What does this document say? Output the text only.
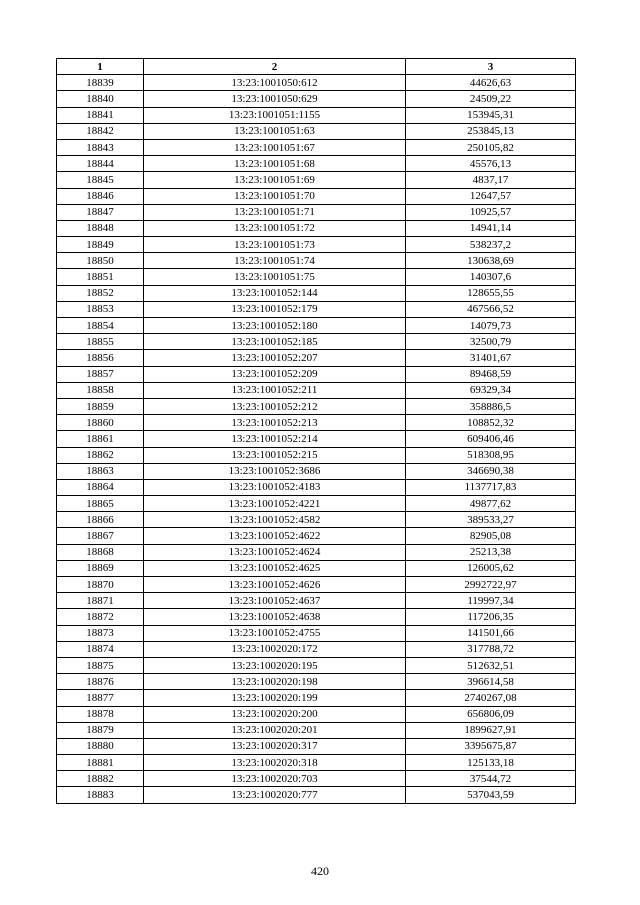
1	2	3
18839	13:23:1001050:612	44626,63
18840	13:23:1001050:629	24509,22
18841	13:23:1001051:1155	153945,31
18842	13:23:1001051:63	253845,13
18843	13:23:1001051:67	250105,82
18844	13:23:1001051:68	45576,13
18845	13:23:1001051:69	4837,17
18846	13:23:1001051:70	12647,57
18847	13:23:1001051:71	10925,57
18848	13:23:1001051:72	14941,14
18849	13:23:1001051:73	538237,2
18850	13:23:1001051:74	130638,69
18851	13:23:1001051:75	140307,6
18852	13:23:1001052:144	128655,55
18853	13:23:1001052:179	467566,52
18854	13:23:1001052:180	14079,73
18855	13:23:1001052:185	32500,79
18856	13:23:1001052:207	31401,67
18857	13:23:1001052:209	89468,59
18858	13:23:1001052:211	69329,34
18859	13:23:1001052:212	358886,5
18860	13:23:1001052:213	108852,32
18861	13:23:1001052:214	609406,46
18862	13:23:1001052:215	518308,95
18863	13:23:1001052:3686	346690,38
18864	13:23:1001052:4183	1137717,83
18865	13:23:1001052:4221	49877,62
18866	13:23:1001052:4582	389533,27
18867	13:23:1001052:4622	82905,08
18868	13:23:1001052:4624	25213,38
18869	13:23:1001052:4625	126005,62
18870	13:23:1001052:4626	2992722,97
18871	13:23:1001052:4637	119997,34
18872	13:23:1001052:4638	117206,35
18873	13:23:1001052:4755	141501,66
18874	13:23:1002020:172	317788,72
18875	13:23:1002020:195	512632,51
18876	13:23:1002020:198	396614,58
18877	13:23:1002020:199	2740267,08
18878	13:23:1002020:200	656806,09
18879	13:23:1002020:201	1899627,91
18880	13:23:1002020:317	3395675,87
18881	13:23:1002020:318	125133,18
18882	13:23:1002020:703	37544,72
18883	13:23:1002020:777	537043,59
420
